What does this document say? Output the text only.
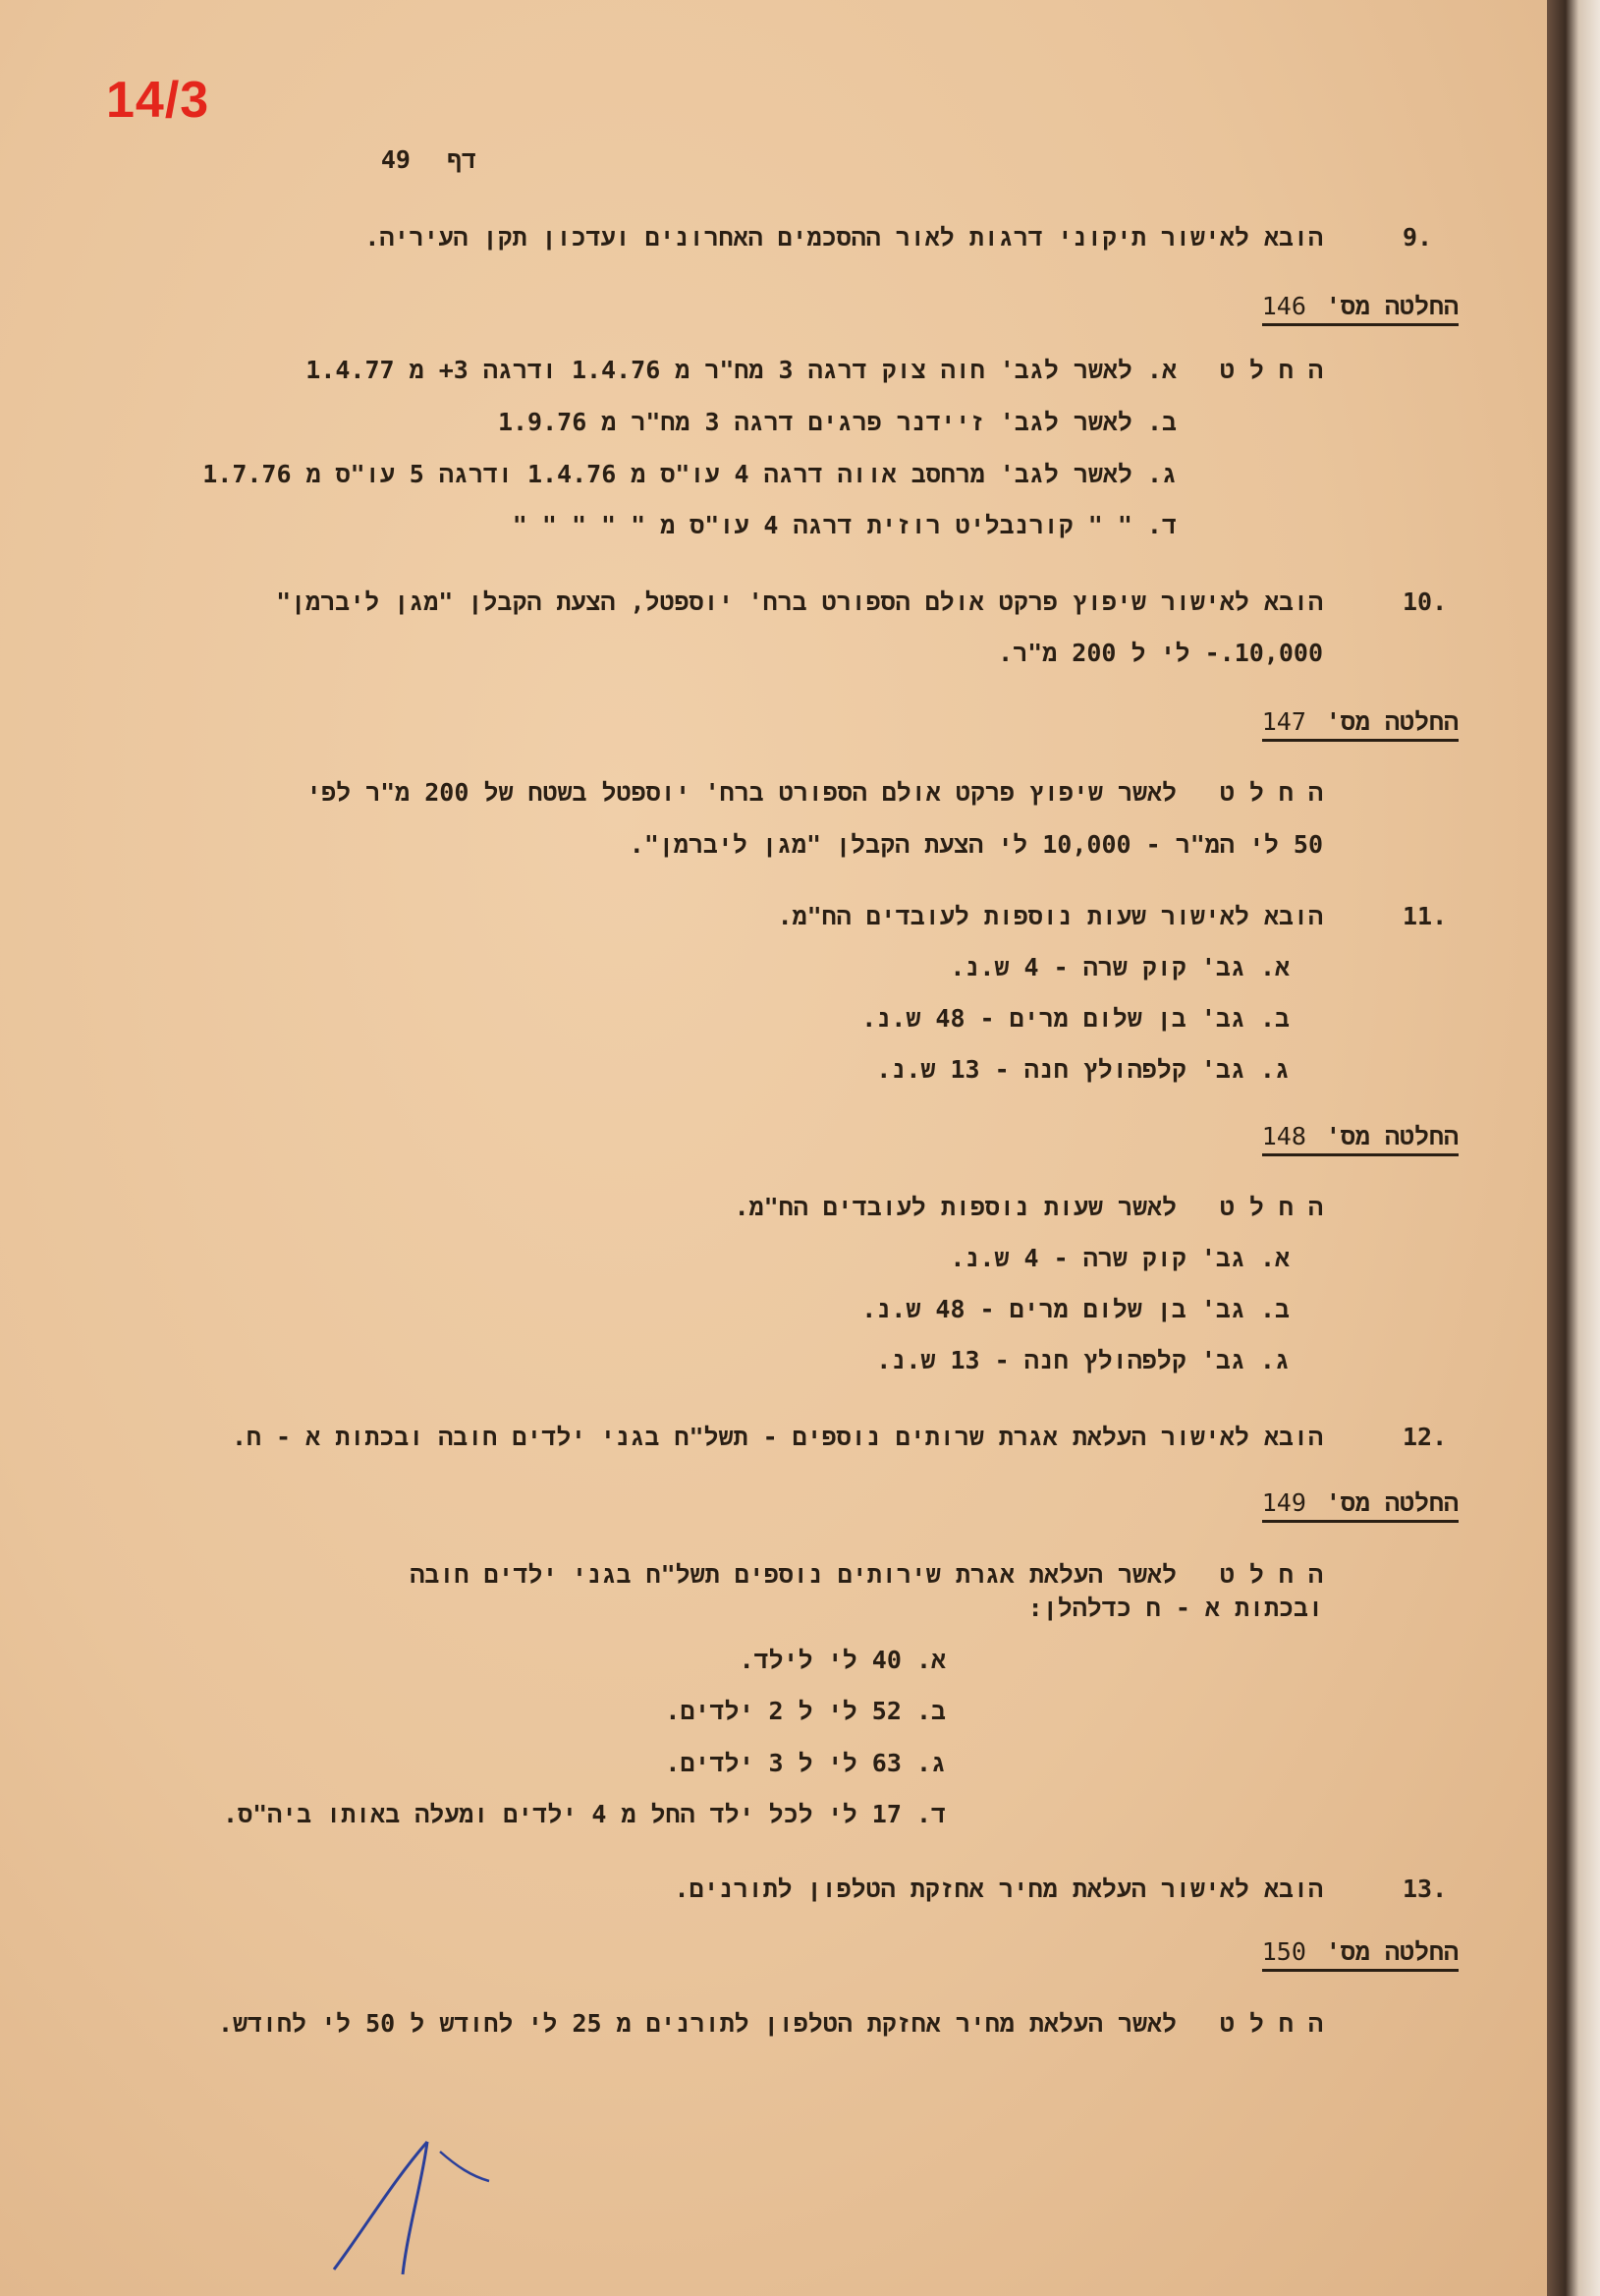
14/3
דף 49
9.
הובא לאישור תיקוני דרגות לאור ההסכמים האחרונים ועדכון תקן העיריה.
החלטה מס'146
ה ח ל ט
א. לאשר לגב' חוה צוק דרגה 3 מח"ר מ 1.4.76 ודרגה 3+ מ 1.4.77
ב. לאשר לגב' זיידנר פרגים דרגה 3 מח"ר מ 1.9.76
ג. לאשר לגב' מרחסב אווה דרגה 4 עו"ס מ 1.4.76 ודרגה 5 עו"ס מ 1.7.76
ד. " " קורנבליט רוזית דרגה 4 עו"ס מ " " " " "
10.
הובא לאישור שיפוץ פרקט אולם הספורט ברח' יוספטל, הצעת הקבלן "מגן ליברמן"
10,000.- לי ל 200 מ"ר.
החלטה מס'147
ה ח ל ט
לאשר שיפוץ פרקט אולם הספורט ברח' יוספטל בשטח של 200 מ"ר לפי
50 לי המ"ר - 10,000 לי הצעת הקבלן "מגן ליברמן".
11.
הובא לאישור שעות נוספות לעובדים הח"מ.
א. גב' קוק שרה - 4 ש.נ.
ב. גב' בן שלום מרים - 48 ש.נ.
ג. גב' קלפהולץ חנה - 13 ש.נ.
החלטה מס'148
ה ח ל ט
לאשר שעות נוספות לעובדים הח"מ.
א. גב' קוק שרה - 4 ש.נ.
ב. גב' בן שלום מרים - 48 ש.נ.
ג. גב' קלפהולץ חנה - 13 ש.נ.
12.
הובא לאישור העלאת אגרת שרותים נוספים - תשל"ח בגני ילדים חובה ובכתות א - ח.
החלטה מס'149
ה ח ל ט
לאשר העלאת אגרת שירותים נוספים תשל"ח בגני ילדים חובה
ובכתות א - ח כדלהלן:
א. 40 לי לילד.
ב. 52 לי ל 2 ילדים.
ג. 63 לי ל 3 ילדים.
ד. 17 לי לכל ילד החל מ 4 ילדים ומעלה באותו ביה"ס.
13.
הובא לאישור העלאת מחיר אחזקת הטלפון לתורנים.
החלטה מס'150
ה ח ל ט
לאשר העלאת מחיר אחזקת הטלפון לתורנים מ 25 לי לחודש ל 50 לי לחודש.
